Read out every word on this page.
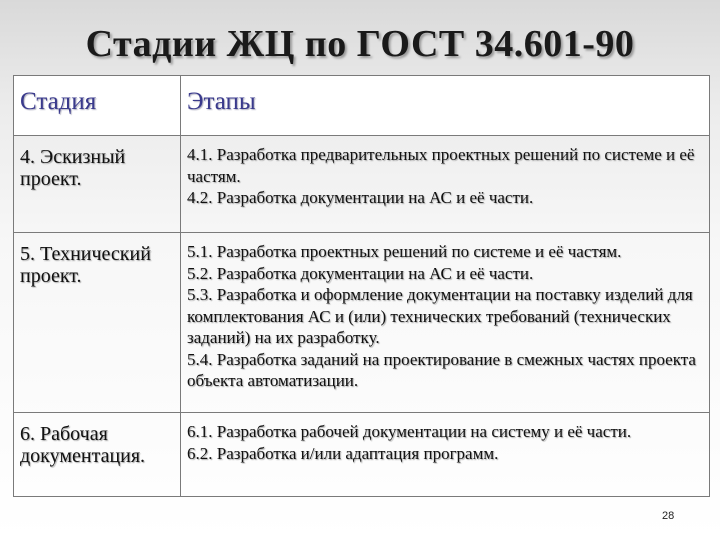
Стадии ЖЦ по ГОСТ 34.601-90
Стадия	Этапы
4. Эскизный проект.	4.1. Разработка предварительных проектных решений по системе и её частям.
4.2. Разработка документации на АС и её части.

5. Технический проект.	5.1. Разработка проектных решений по системе и её частям.
5.2. Разработка документации на АС и её части.
5.3. Разработка и оформление документации на поставку изделий для комплектования АС и (или) технических требований (технических заданий) на их разработку.
5.4. Разработка заданий на проектирование в смежных частях проекта объекта автоматизации.

6. Рабочая документация.	6.1. Разработка рабочей документации на систему и её части.
6.2. Разработка и/или адаптация программ.
28
